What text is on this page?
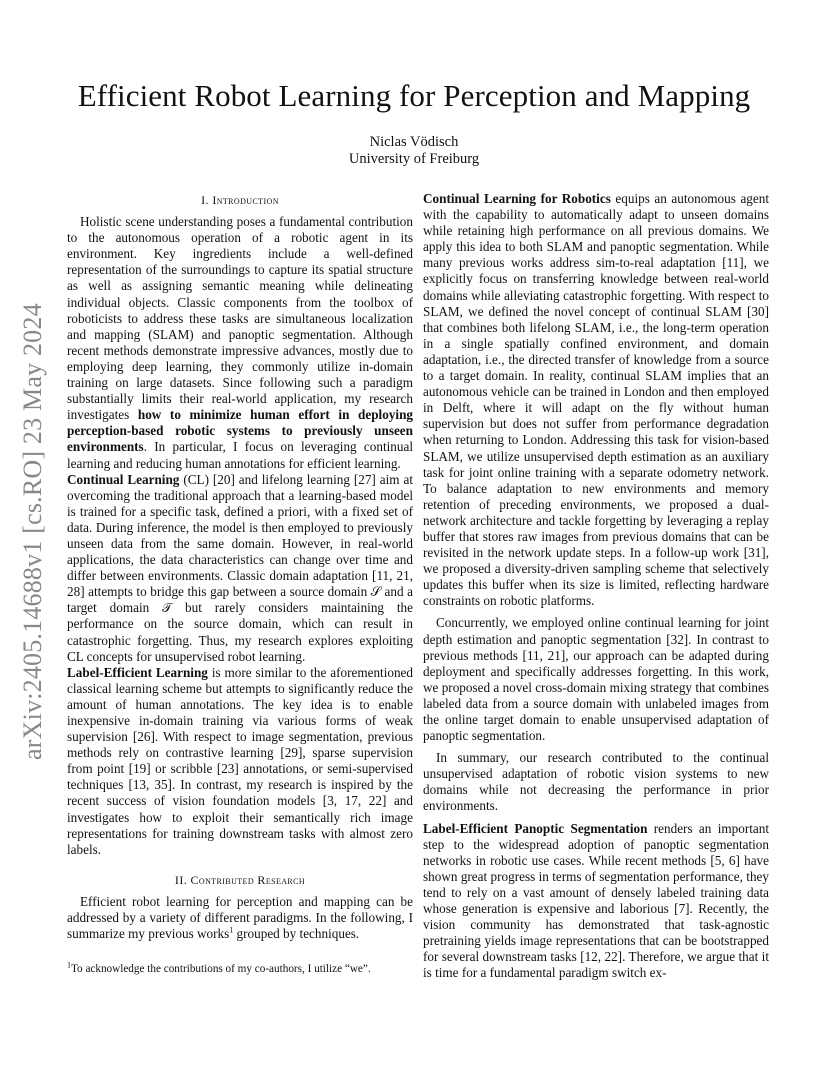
Efficient Robot Learning for Perception and Mapping
Niclas Vödisch
University of Freiburg
arXiv:2405.14688v1 [cs.RO] 23 May 2024
I. Introduction

Holistic scene understanding poses a fundamental contribution to the autonomous operation of a robotic agent in its environment. Key ingredients include a well-defined representation of the surroundings to capture its spatial structure as well as assigning semantic meaning while delineating individual objects. Classic components from the toolbox of roboticists to address these tasks are simultaneous localization and mapping (SLAM) and panoptic segmentation. Although recent methods demonstrate impressive advances, mostly due to employing deep learning, they commonly utilize in-domain training on large datasets. Since following such a paradigm substantially limits their real-world application, my research investigates how to minimize human effort in deploying perception-based robotic systems to previously unseen environments. In particular, I focus on leveraging continual learning and reducing human annotations for efficient learning.

Continual Learning (CL) [20] and lifelong learning [27] aim at overcoming the traditional approach that a learning-based model is trained for a specific task, defined a priori, with a fixed set of data. During inference, the model is then employed to previously unseen data from the same domain. However, in real-world applications, the data characteristics can change over time and differ between environments. Classic domain adaptation [11, 21, 28] attempts to bridge this gap between a source domain 𝒮 and a target domain 𝒯 but rarely considers maintaining the performance on the source domain, which can result in catastrophic forgetting. Thus, my research explores exploiting CL concepts for unsupervised robot learning.

Label-Efficient Learning is more similar to the aforementioned classical learning scheme but attempts to significantly reduce the amount of human annotations. The key idea is to enable inexpensive in-domain training via various forms of weak supervision [26]. With respect to image segmentation, previous methods rely on contrastive learning [29], sparse supervision from point [19] or scribble [23] annotations, or semi-supervised techniques [13, 35]. In contrast, my research is inspired by the recent success of vision foundation models [3, 17, 22] and investigates how to exploit their semantically rich image representations for training downstream tasks with almost zero labels.

II. Contributed Research

Efficient robot learning for perception and mapping can be addressed by a variety of different paradigms. In the following, I summarize my previous works$^1$ grouped by techniques.

$^1$To acknowledge the contributions of my co-authors, I utilize “we”.

Continual Learning for Robotics equips an autonomous agent with the capability to automatically adapt to unseen domains while retaining high performance on all previous domains. We apply this idea to both SLAM and panoptic segmentation. While many previous works address sim-to-real adaptation [11], we explicitly focus on transferring knowledge between real-world domains while alleviating catastrophic forgetting. With respect to SLAM, we defined the novel concept of continual SLAM [30] that combines both lifelong SLAM, i.e., the long-term operation in a single spatially confined environment, and domain adaptation, i.e., the directed transfer of knowledge from a source to a target domain. In reality, continual SLAM implies that an autonomous vehicle can be trained in London and then employed in Delft, where it will adapt on the fly without human supervision but does not suffer from performance degradation when returning to London. Addressing this task for vision-based SLAM, we utilize unsupervised depth estimation as an auxiliary task for joint online training with a separate odometry network. To balance adaptation to new environments and memory retention of preceding environments, we proposed a dual-network architecture and tackle forgetting by leveraging a replay buffer that stores raw images from previous domains that can be revisited in the network update steps. In a follow-up work [31], we proposed a diversity-driven sampling scheme that selectively updates this buffer when its size is limited, reflecting hardware constraints on robotic platforms.

Concurrently, we employed online continual learning for joint depth estimation and panoptic segmentation [32]. In contrast to previous methods [11, 21], our approach can be adapted during deployment and specifically addresses forgetting. In this work, we proposed a novel cross-domain mixing strategy that combines labeled data from a source domain with unlabeled images from the online target domain to enable unsupervised adaptation of panoptic segmentation.

In summary, our research contributed to the continual unsupervised adaptation of robotic vision systems to new domains while not decreasing the performance in prior environments.

Label-Efficient Panoptic Segmentation renders an important step to the widespread adoption of panoptic segmentation networks in robotic use cases. While recent methods [5, 6] have shown great progress in terms of segmentation performance, they tend to rely on a vast amount of densely labeled training data whose generation is expensive and laborious [7]. Recently, the vision community has demonstrated that task-agnostic pretraining yields image representations that can be bootstrapped for several downstream tasks [12, 22]. Therefore, we argue that it is time for a fundamental paradigm switch ex-
